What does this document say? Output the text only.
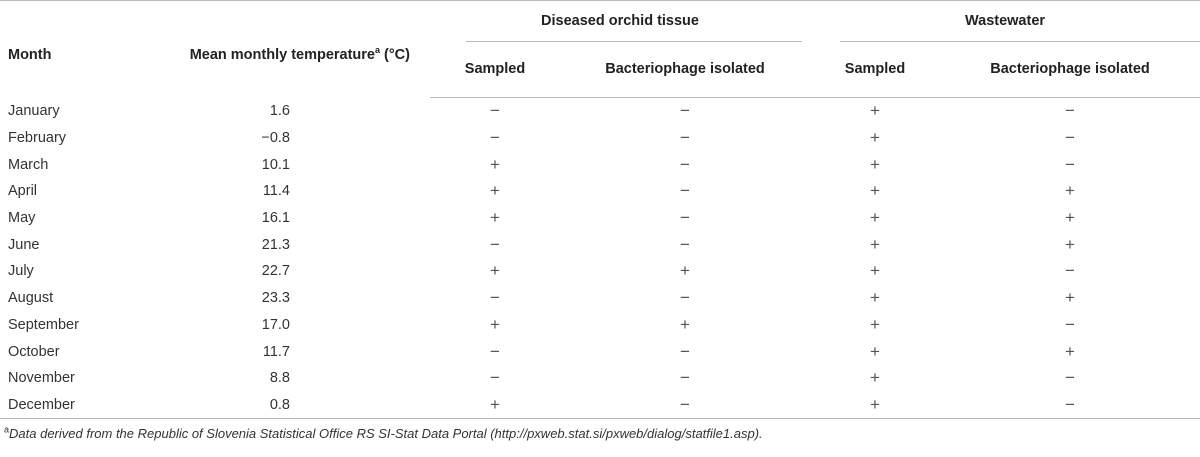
Month	Mean monthly temperature$^a$ (°C)	Diseased orchid tissue		Wastewater	

		Sampled	Bacteriophage isolated	Sampled	Bacteriophage isolated
January	1.6	−	−	+	−
February	−0.8	−	−	+	−
March	10.1	+	−	+	−
April	11.4	+	−	+	+
May	16.1	+	−	+	+
June	21.3	−	−	+	+
July	22.7	+	+	+	−
August	23.3	−	−	+	+
September	17.0	+	+	+	−
October	11.7	−	−	+	+
November	8.8	−	−	+	−
December	0.8	+	−	+	−
$^a$Data derived from the Republic of Slovenia Statistical Office RS SI-Stat Data Portal (http://pxweb.stat.si/pxweb/dialog/statfile1.asp).
